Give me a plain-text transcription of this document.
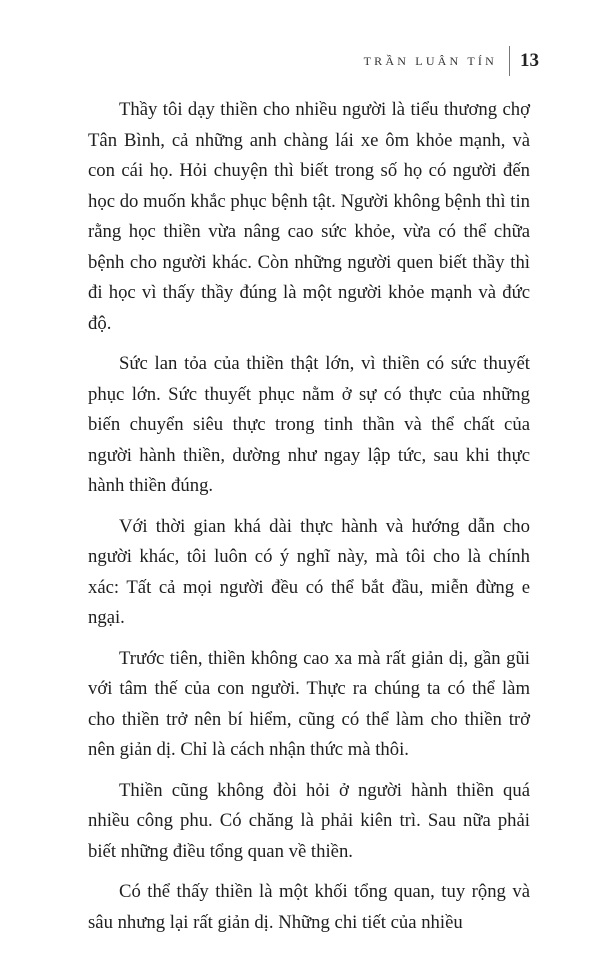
TRẦN LUÂN TÍN	13

Thầy tôi dạy thiền cho nhiều người là tiểu thương chợ Tân Bình, cả những anh chàng lái xe ôm khỏe mạnh, và con cái họ. Hỏi chuyện thì biết trong số họ có người đến học do muốn khắc phục bệnh tật. Người không bệnh thì tin rằng học thiền vừa nâng cao sức khỏe, vừa có thể chữa bệnh cho người khác. Còn những người quen biết thầy thì đi học vì thấy thầy đúng là một người khỏe mạnh và đức độ.

Sức lan tỏa của thiền thật lớn, vì thiền có sức thuyết phục lớn. Sức thuyết phục nằm ở sự có thực của những biến chuyển siêu thực trong tinh thần và thể chất của người hành thiền, dường như ngay lập tức, sau khi thực hành thiền đúng.

Với thời gian khá dài thực hành và hướng dẫn cho người khác, tôi luôn có ý nghĩ này, mà tôi cho là chính xác: Tất cả mọi người đều có thể bắt đầu, miễn đừng e ngại.

Trước tiên, thiền không cao xa mà rất giản dị, gần gũi với tâm thế của con người. Thực ra chúng ta có thể làm cho thiền trở nên bí hiểm, cũng có thể làm cho thiền trở nên giản dị. Chỉ là cách nhận thức mà thôi.

Thiền cũng không đòi hỏi ở người hành thiền quá nhiều công phu. Có chăng là phải kiên trì. Sau nữa phải biết những điều tổng quan về thiền.

Có thể thấy thiền là một khối tổng quan, tuy rộng và sâu nhưng lại rất giản dị. Những chi tiết của nhiều
